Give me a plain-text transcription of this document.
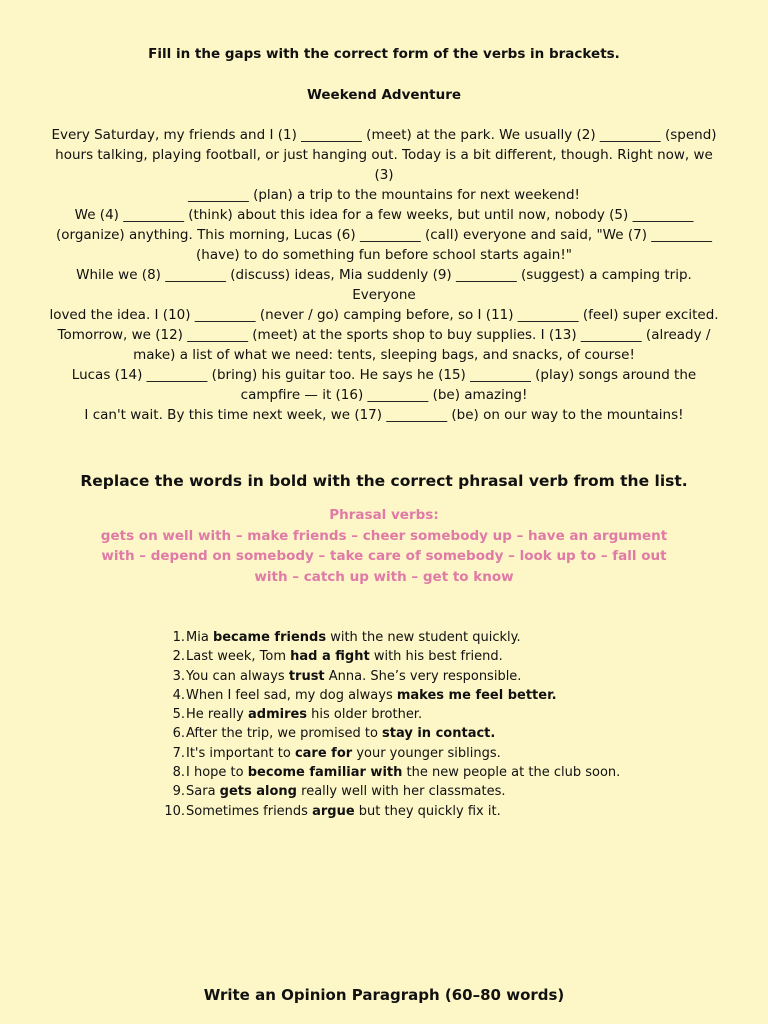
Fill in the gaps with the correct form of the verbs in brackets.

Weekend Adventure

Every Saturday, my friends and I (1) _________ (meet) at the park. We usually (2) _________ (spend)

hours talking, playing football, or just hanging out. Today is a bit different, though. Right now, we (3)

_________ (plan) a trip to the mountains for next weekend!

We (4) _________ (think) about this idea for a few weeks, but until now, nobody (5) _________

(organize) anything. This morning, Lucas (6) _________ (call) everyone and said, "We (7) _________

(have) to do something fun before school starts again!"

While we (8) _________ (discuss) ideas, Mia suddenly (9) _________ (suggest) a camping trip. Everyone

loved the idea. I (10) _________ (never / go) camping before, so I (11) _________ (feel) super excited.

Tomorrow, we (12) _________ (meet) at the sports shop to buy supplies. I (13) _________ (already /

make) a list of what we need: tents, sleeping bags, and snacks, of course!

Lucas (14) _________ (bring) his guitar too. He says he (15) _________ (play) songs around the

campfire — it (16) _________ (be) amazing!

I can't wait. By this time next week, we (17) _________ (be) on our way to the mountains!

Replace the words in bold with the correct phrasal verb from the list.

Phrasal verbs:

gets on well with – make friends – cheer somebody up – have an argument

with – depend on somebody – take care of somebody – look up to – fall out

with – catch up with – get to know

1. Mia became friends with the new student quickly.
2. Last week, Tom had a fight with his best friend.
3. You can always trust Anna. She’s very responsible.
4. When I feel sad, my dog always makes me feel better.
5. He really admires his older brother.
6. After the trip, we promised to stay in contact.
7. It's important to care for your younger siblings.
8. I hope to become familiar with the new people at the club soon.
9. Sara gets along really well with her classmates.
10. Sometimes friends argue but they quickly fix it.

Write an Opinion Paragraph (60–80 words)
